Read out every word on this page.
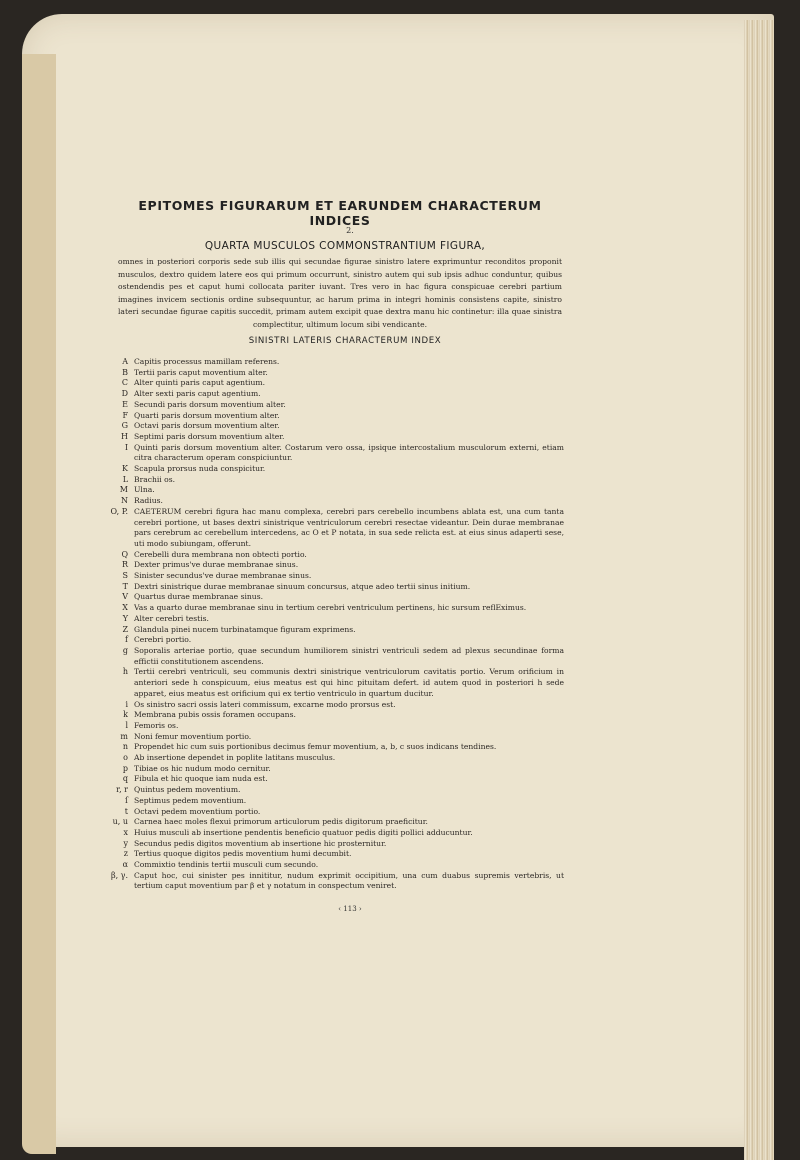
EPITOMES FIGURARUM ET EARUNDEM CHARACTERUM INDICES
2.
QUARTA MUSCULOS COMMONSTRANTIUM FIGURA,
omnes in posteriori corporis sede sub illis qui secundae figurae sinistro latere exprimuntur reconditos proponit musculos, dextro quidem latere eos qui primum occurrunt, sinistro autem qui sub ipsis adhuc conduntur, quibus ostendendis pes et caput humi collocata pariter iuvant. Tres vero in hac figura conspicuae cerebri partium imagines invicem sectionis ordine subsequuntur, ac harum prima in integri hominis consistens capite, sinistro lateri secundae figurae capitis succedit, primam autem excipit quae dextra manu hic continetur: illa quae sinistra complectitur, ultimum locum sibi vendicante.
SINISTRI LATERIS CHARACTERUM INDEX
A Capitis processus mamillam referens.
B Tertii paris caput moventium alter.
C Alter quinti paris caput agentium.
D Alter sexti paris caput agentium.
E Secundi paris dorsum moventium alter.
F Quarti paris dorsum moventium alter.
G Octavi paris dorsum moventium alter.
H Septimi paris dorsum moventium alter.
I Quinti paris dorsum moventium alter. Costarum vero ossa, ipsique intercostalium musculorum externi, etiam citra characterum operam conspiciuntur.
K Scapula prorsus nuda conspicitur.
L Brachii os.
M Ulna.
N Radius.
O, P. CAETERUM cerebri figura hac manu complexa, cerebri pars cerebello incumbens ablata est, una cum tanta cerebri portione, ut bases dextri sinistrique ventriculorum cerebri resectae videantur. Dein durae membranae pars cerebrum ac cerebellum intercedens, ac O et P notata, in sua sede relicta est. at eius sinus adaperti sese, uti modo subiungam, offerunt.
Q Cerebelli dura membrana non obtecti portio.
R Dexter primus've durae membranae sinus.
S Sinister secundus've durae membranae sinus.
T Dextri sinistrique durae membranae sinuum concursus, atque adeo tertii sinus initium.
V Quartus durae membranae sinus.
X Vas a quarto durae membranae sinu in tertium cerebri ventriculum pertinens, hic sursum reflEximus.
Y Alter cerebri testis.
Z Glandula pinei nucem turbinatamque figuram exprimens.
f Cerebri portio.
g Soporalis arteriae portio, quae secundum humiliorem sinistri ventriculi sedem ad plexus secundinae forma effictii constitutionem ascendens.
h Tertii cerebri ventriculi, seu communis dextri sinistrique ventriculorum cavitatis portio. Verum orificium in anteriori sede h conspicuum, eius meatus est qui hinc pituitam defert. id autem quod in posteriori h sede apparet, eius meatus est orificium qui ex tertio ventriculo in quartum ducitur.
i Os sinistro sacri ossis lateri commissum, excarne modo prorsus est.
k Membrana pubis ossis foramen occupans.
l Femoris os.
m Noni femur moventium portio.
n Propendet hic cum suis portionibus decimus femur moventium, a, b, c suos indicans tendines.
o Ab insertione dependet in poplite latitans musculus.
p Tibiae os hic nudum modo cernitur.
q Fibula et hic quoque iam nuda est.
r, r Quintus pedem moventium.
ſ Septimus pedem moventium.
t Octavi pedem moventium portio.
u, u Carnea haec moles flexui primorum articulorum pedis digitorum praeficitur.
x Huius musculi ab insertione pendentis beneficio quatuor pedis digiti pollici adducuntur.
y Secundus pedis digitos moventium ab insertione hic prosternitur.
z Tertius quoque digitos pedis moventium humi decumbit.
α Commixtio tendinis tertii musculi cum secundo.
β, γ. Caput hoc, cui sinister pes innititur, nudum exprimit occipitium, una cum duabus supremis vertebris, ut tertium caput moventium par β et γ notatum in conspectum veniret.
‹ 113 ›
